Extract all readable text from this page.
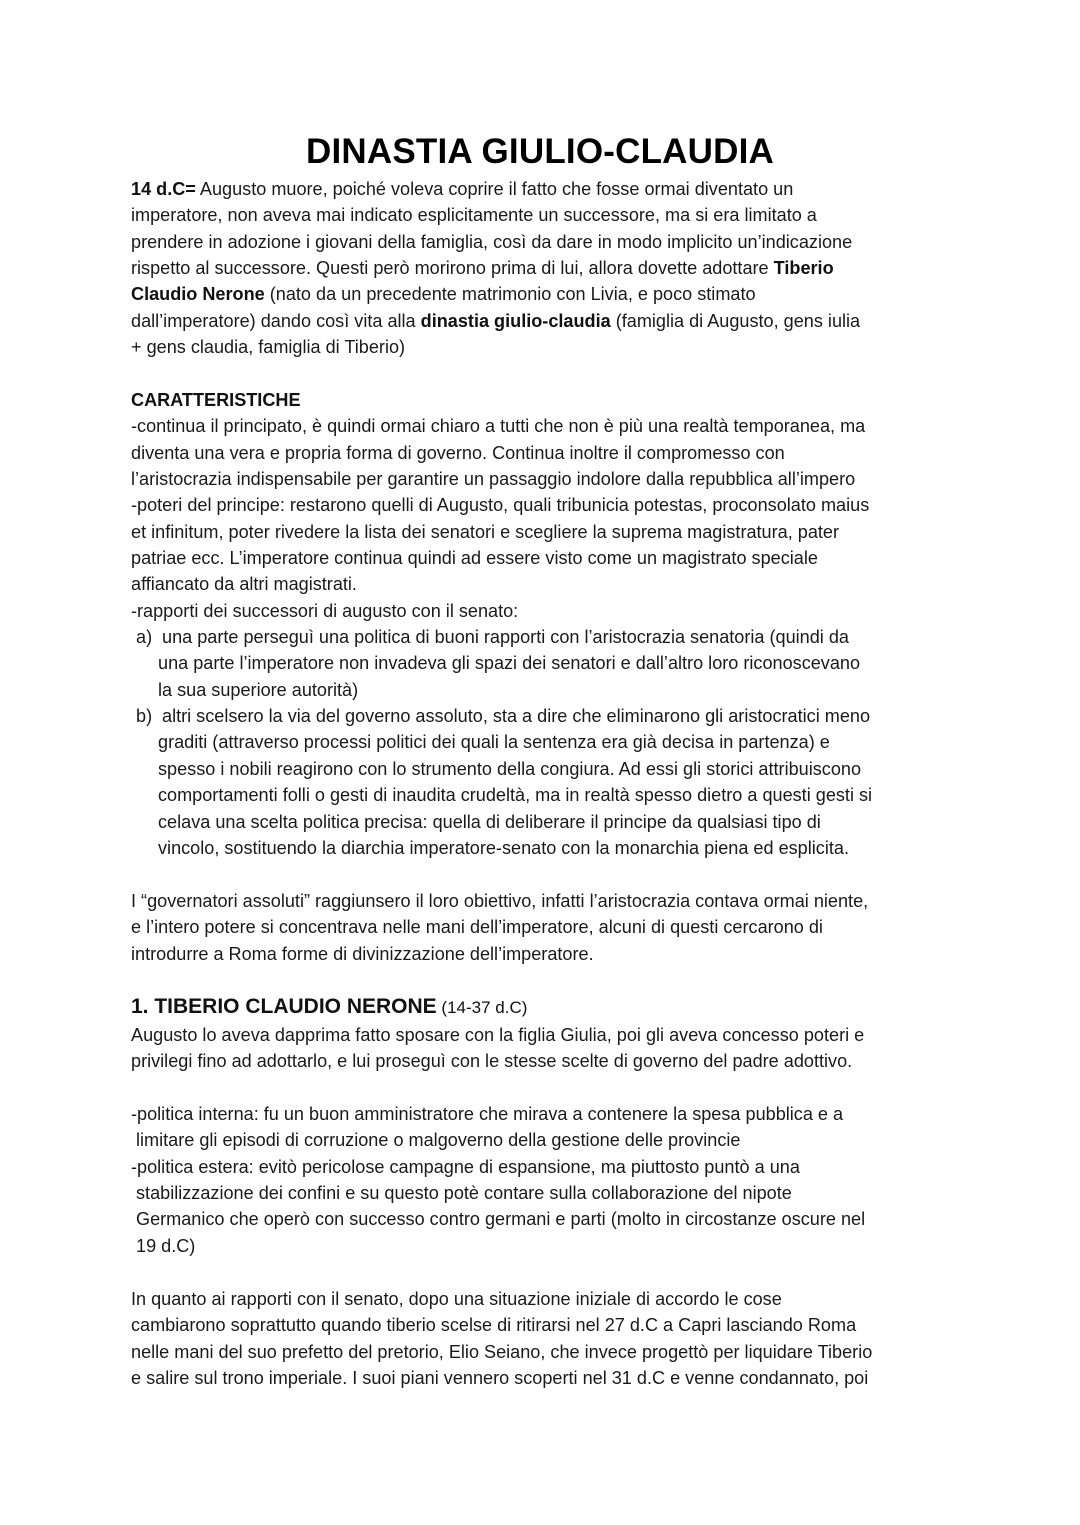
DINASTIA GIULIO-CLAUDIA
14 d.C= Augusto muore, poiché voleva coprire il fatto che fosse ormai diventato un
imperatore, non aveva mai indicato esplicitamente un successore, ma si era limitato a
prendere in adozione i giovani della famiglia, così da dare in modo implicito un’indicazione
rispetto al successore. Questi però morirono prima di lui, allora dovette adottare Tiberio
Claudio Nerone (nato da un precedente matrimonio con Livia, e poco stimato
dall’imperatore) dando così vita alla dinastia giulio-claudia (famiglia di Augusto, gens iulia
+ gens claudia, famiglia di Tiberio)
CARATTERISTICHE
-continua il principato, è quindi ormai chiaro a tutti che non è più una realtà temporanea, ma
diventa una vera e propria forma di governo. Continua inoltre il compromesso con
l’aristocrazia indispensabile per garantire un passaggio indolore dalla repubblica all’impero
-poteri del principe: restarono quelli di Augusto, quali tribunicia potestas, proconsolato maius
et infinitum, poter rivedere la lista dei senatori e scegliere la suprema magistratura, pater
patriae ecc. L’imperatore continua quindi ad essere visto come un magistrato speciale
affiancato da altri magistrati.
-rapporti dei successori di augusto con il senato:
a) una parte perseguì una politica di buoni rapporti con l’aristocrazia senatoria (quindi da
una parte l’imperatore non invadeva gli spazi dei senatori e dall’altro loro riconoscevano
la sua superiore autorità)
b) altri scelsero la via del governo assoluto, sta a dire che eliminarono gli aristocratici meno
graditi (attraverso processi politici dei quali la sentenza era già decisa in partenza) e
spesso i nobili reagirono con lo strumento della congiura. Ad essi gli storici attribuiscono
comportamenti folli o gesti di inaudita crudeltà, ma in realtà spesso dietro a questi gesti si
celava una scelta politica precisa: quella di deliberare il principe da qualsiasi tipo di
vincolo, sostituendo la diarchia imperatore-senato con la monarchia piena ed esplicita.
I “governatori assoluti” raggiunsero il loro obiettivo, infatti l’aristocrazia contava ormai niente,
e l’intero potere si concentrava nelle mani dell’imperatore, alcuni di questi cercarono di
introdurre a Roma forme di divinizzazione dell’imperatore.
1. TIBERIO CLAUDIO NERONE (14-37 d.C)
Augusto lo aveva dapprima fatto sposare con la figlia Giulia, poi gli aveva concesso poteri e
privilegi fino ad adottarlo, e lui proseguì con le stesse scelte di governo del padre adottivo.
-politica interna: fu un buon amministratore che mirava a contenere la spesa pubblica e a
limitare gli episodi di corruzione o malgoverno della gestione delle provincie
-politica estera: evitò pericolose campagne di espansione, ma piuttosto puntò a una
stabilizzazione dei confini e su questo potè contare sulla collaborazione del nipote
Germanico che operò con successo contro germani e parti (molto in circostanze oscure nel
19 d.C)
In quanto ai rapporti con il senato, dopo una situazione iniziale di accordo le cose
cambiarono soprattutto quando tiberio scelse di ritirarsi nel 27 d.C a Capri lasciando Roma
nelle mani del suo prefetto del pretorio, Elio Seiano, che invece progettò per liquidare Tiberio
e salire sul trono imperiale. I suoi piani vennero scoperti nel 31 d.C e venne condannato, poi
